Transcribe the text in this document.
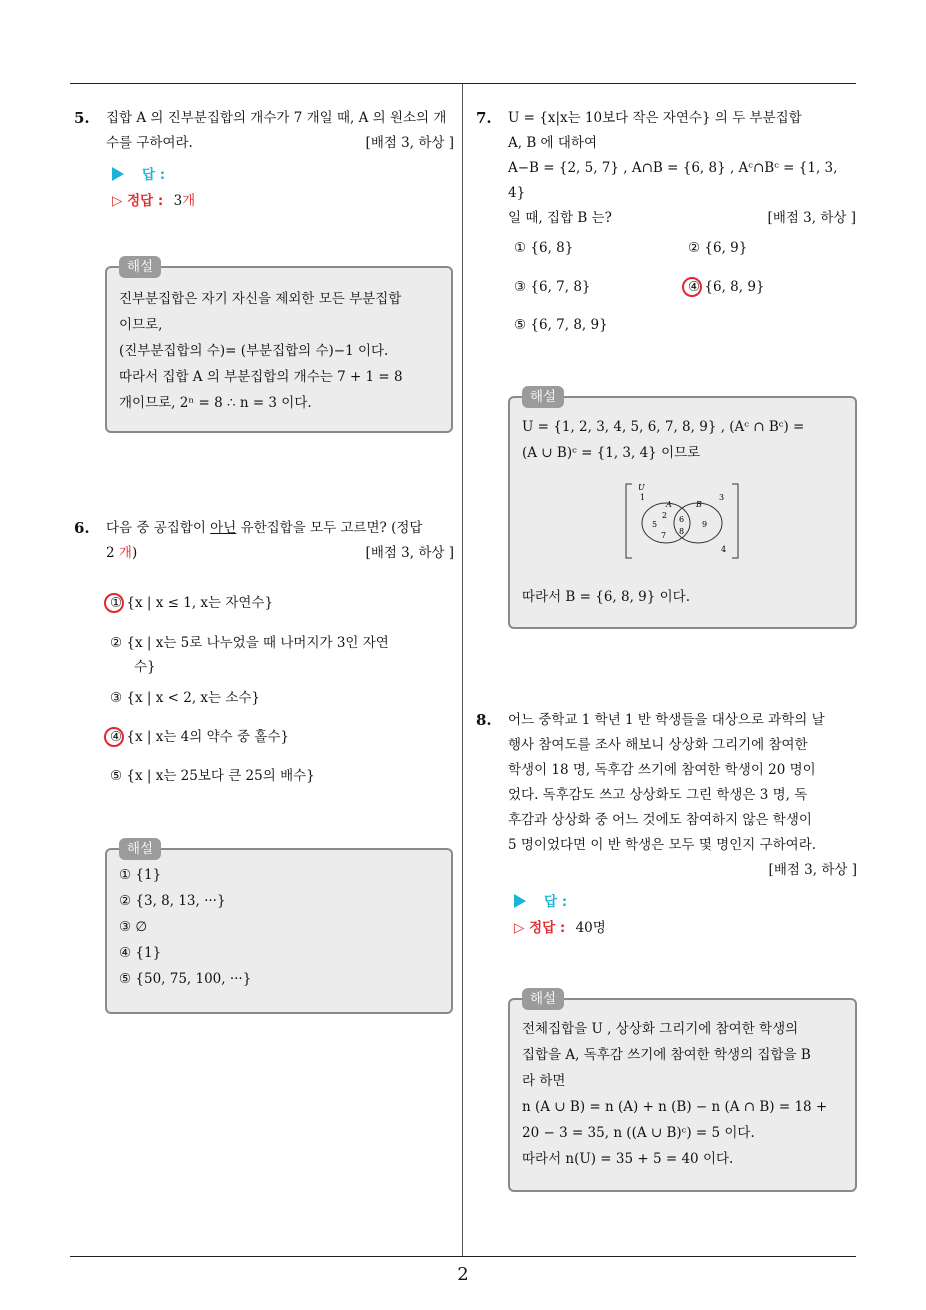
2
5. 집합 A 의 진부분집합의 개수가 7 개일 때, A 의 원소의 개수를 구하여라.	[배점 3, 하상 ]
답 :
▷ 정답 : 3개
해설
진부분집합은 자기 자신을 제외한 모든 부분집합
이므로,
(진부분집합의 수)= (부분집합의 수)−1 이다.
따라서 집합 A 의 부분집합의 개수는 7 + 1 = 8
개이므로, 2ⁿ = 8 ∴ n = 3 이다.
6. 다음 중 공집합이 아닌 유한집합을 모두 고르면? (정답
2 개)	[배점 3, 하상 ]
① {x | x ≤ 1, x는 자연수}
② {x | x는 5로 나누었을 때 나머지가 3인 자연
수}
③ {x | x < 2, x는 소수}
④ {x | x는 4의 약수 중 홀수}
⑤ {x | x는 25보다 큰 25의 배수}
해설
① {1}
② {3, 8, 13, ···}
③ ∅
④ {1}
⑤ {50, 75, 100, ···}
7. U = {x|x는 10보다 작은 자연수} 의 두 부분집합
A, B 에 대하여
A−B = {2, 5, 7} , A∩B = {6, 8} , Aᶜ∩Bᶜ = {1, 3, 4}
일 때, 집합 B 는?	[배점 3, 하상 ]
① {6, 8}	② {6, 9}
③ {6, 7, 8}	④ {6, 8, 9}
⑤ {6, 7, 8, 9}
해설
U = {1, 2, 3, 4, 5, 6, 7, 8, 9} , (Aᶜ ∩ Bᶜ) =
(A ∪ B)ᶜ = {1, 3, 4} 이므로
따라서 B = {6, 8, 9} 이다.
U
A	B
1	3
4
5
2
7
6
8
9
8. 어느 중학교 1 학년 1 반 학생들을 대상으로 과학의 날
행사 참여도를 조사 해보니 상상화 그리기에 참여한
학생이 18 명, 독후감 쓰기에 참여한 학생이 20 명이
었다. 독후감도 쓰고 상상화도 그린 학생은 3 명, 독
후감과 상상화 중 어느 것에도 참여하지 않은 학생이
5 명이었다면 이 반 학생은 모두 몇 명인지 구하여라.
[배점 3, 하상 ]
답 :
▷ 정답 : 40명
해설
전체집합을 U , 상상화 그리기에 참여한 학생의
집합을 A, 독후감 쓰기에 참여한 학생의 집합을 B
라 하면
n (A ∪ B) = n (A) + n (B) − n (A ∩ B) = 18 +
20 − 3 = 35, n ((A ∪ B)ᶜ) = 5 이다.
따라서 n(U) = 35 + 5 = 40 이다.
